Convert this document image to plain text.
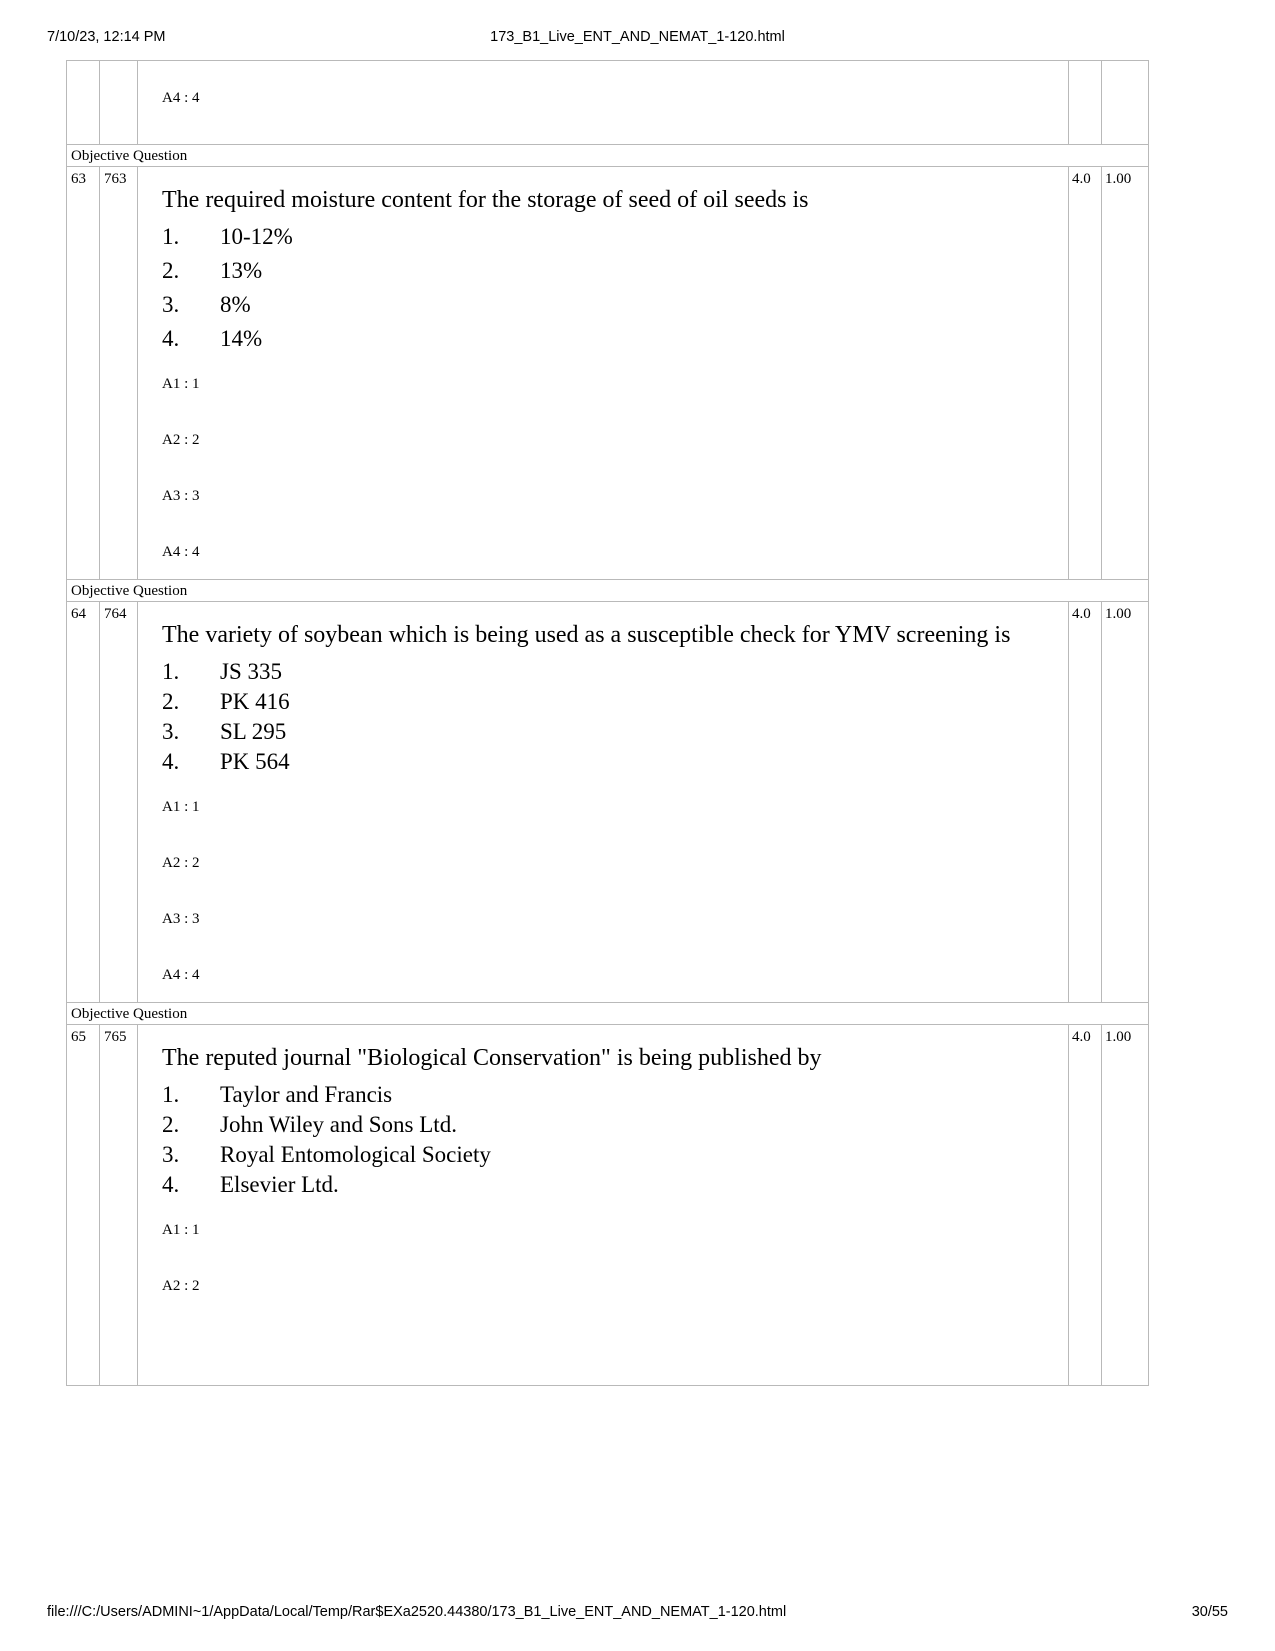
7/10/23, 12:14 PM	173_B1_Live_ENT_AND_NEMAT_1-120.html
A4 : 4
Objective Question
63	763

The required moisture content for the storage of seed of oil seeds is

1.	10-12%
2.	13%
3.	8%
4.	14%
A1 : 1
A2 : 2
A3 : 3
A4 : 4
4.0 1.00
Objective Question
64	764

The variety of soybean which is being used as a susceptible check for YMV screening is

1.	JS 335
2.	PK 416
3.	SL 295
4.	PK 564
A1 : 1
A2 : 2
A3 : 3
A4 : 4
4.0 1.00
Objective Question
65	765

The reputed journal "Biological Conservation" is being published by

1.	Taylor and Francis
2.	John Wiley and Sons Ltd.
3.	Royal Entomological Society
4.	Elsevier Ltd.
A1 : 1
A2 : 2
4.0 1.00
file:///C:/Users/ADMINI~1/AppData/Local/Temp/Rar$EXa2520.44380/173_B1_Live_ENT_AND_NEMAT_1-120.html	30/55
